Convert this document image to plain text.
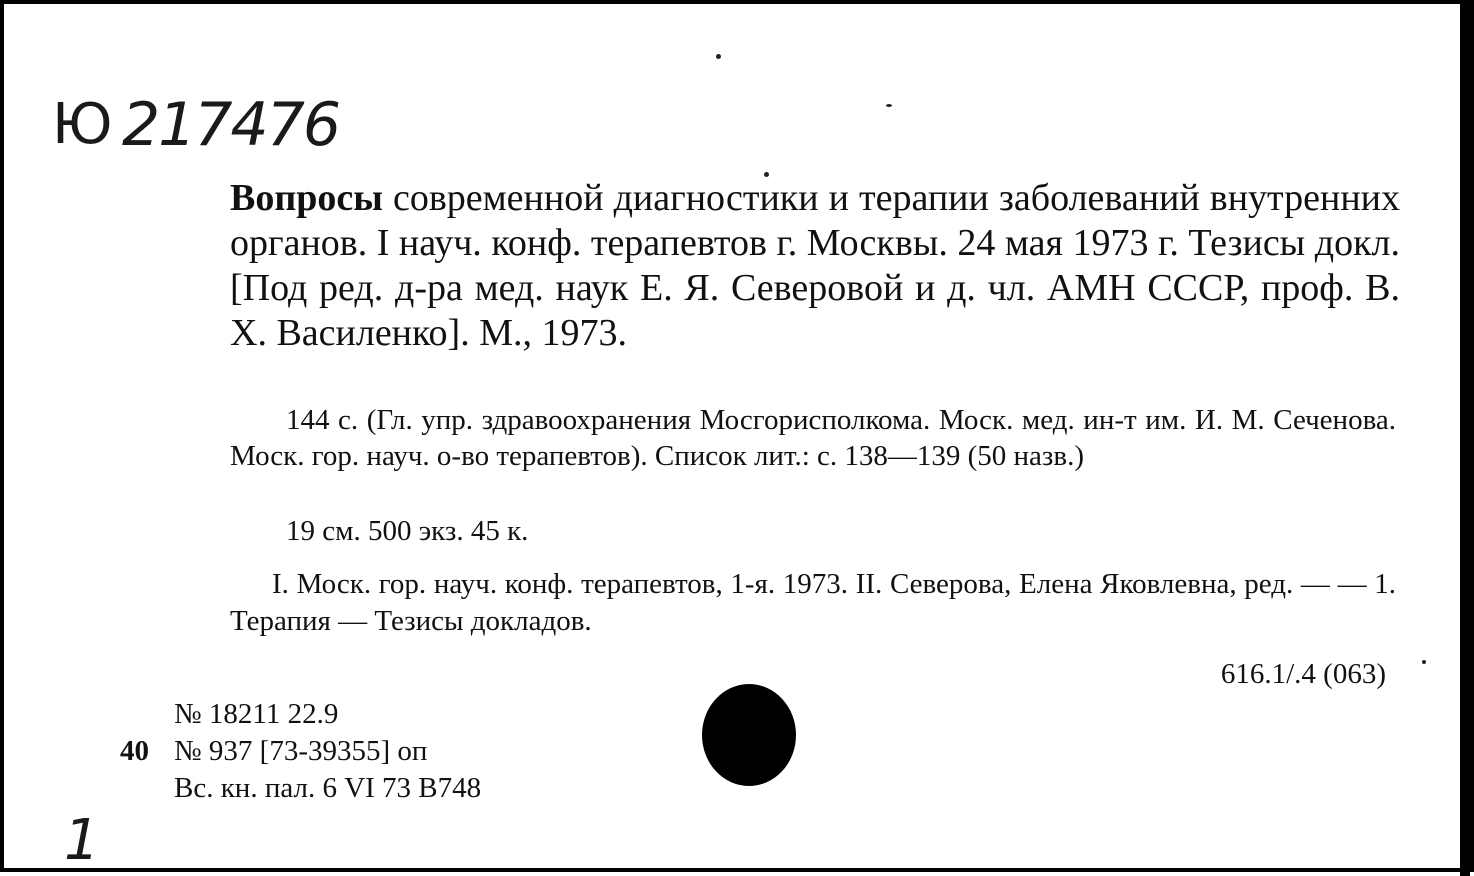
Ю 217476
Вопросы современной диагностики и терапии заболеваний внутренних органов. I науч. конф. терапевтов г. Москвы. 24 мая 1973 г. Тезисы докл. [Под ред. д-ра мед. наук Е. Я. Северовой и д. чл. АМН СССР, проф. В. Х. Василенко]. М., 1973.
144 с. (Гл. упр. здравоохранения Мосгорисполкома. Моск. мед. ин-т им. И. М. Сеченова. Моск. гор. науч. о-во терапевтов). Список лит.: с. 138—139 (50 назв.)
19 см. 500 экз. 45 к.
I. Моск. гор. науч. конф. терапевтов, 1-я. 1973. II. Северова, Елена Яковлевна, ред. — — 1. Терапия — Тезисы докладов.
616.1/.4 (063)
№ 18211 22.9
40 № 937 [73-39355] оп
Вс. кн. пал. 6 VI 73 В748
1
